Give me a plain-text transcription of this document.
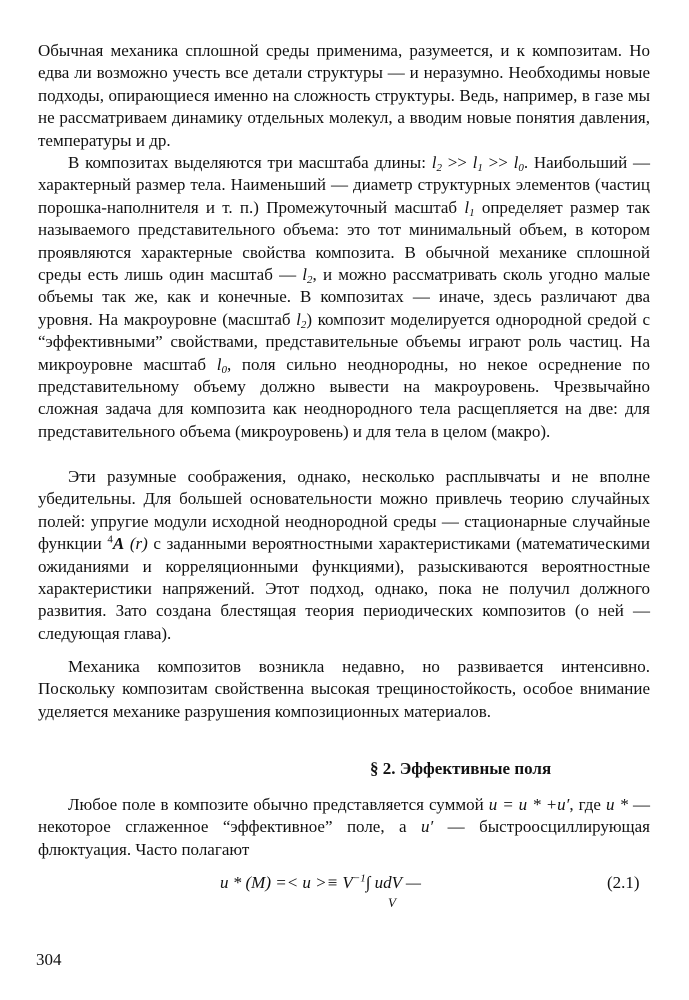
Обычная механика сплошной среды применима, разумеется, и к композитам. Но едва ли возможно учесть все детали структуры — и неразумно. Необходимы новые подходы, опирающиеся именно на сложность структуры. Ведь, например, в газе мы не рассматриваем динамику отдельных молекул, а вводим новые понятия давления, температуры и др.
В композитах выделяются три масштаба длины: $l_2 >> l_1 >> l_0$. Наибольший — характерный размер тела. Наименьший — диаметр структурных элементов (частиц порошка-наполнителя и т. п.) Промежуточный масштаб $l_1$ определяет размер так называемого представительного объема: это тот минимальный объем, в котором проявляются характерные свойства композита. В обычной механике сплошной среды есть лишь один масштаб — $l_2$, и можно рассматривать сколь угодно малые объемы так же, как и конечные. В композитах — иначе, здесь различают два уровня. На макроуровне (масштаб $l_2$) композит моделируется однородной средой с “эффективными” свойствами, представительные объемы играют роль частиц. На микроуровне масштаб $l_0$, поля сильно неоднородны, но некое осреднение по представительному объему должно вывести на макроуровень. Чрезвычайно сложная задача для композита как неоднородного тела расщепляется на две: для представительного объема (микроуровень) и для тела в целом (макро).
Эти разумные соображения, однако, несколько расплывчаты и не вполне убедительны. Для большей основательности можно привлечь теорию случайных полей: упругие модули исходной неоднородной среды — стационарные случайные функции $^4$A (r) с заданными вероятностными характеристиками (математическими ожиданиями и корреляционными функциями), разыскиваются вероятностные характеристики напряжений. Этот подход, однако, пока не получил должного развития. Зато создана блестящая теория периодических композитов (о ней — следующая глава).
Механика композитов возникла недавно, но развивается интенсивно. Поскольку композитам свойственна высокая трещиностойкость, особое внимание уделяется механике разрушения композиционных материалов.
§ 2. Эффективные поля
Любое поле в композите обычно представляется суммой u = u * +u′, где u * — некоторое сглаженное “эффективное” поле, а u′ — быстроосциллирующая флюктуация. Часто полагают
$u * (M) =< u >\equiv V^{-1}\int$ udV —
V
(2.1)
304
